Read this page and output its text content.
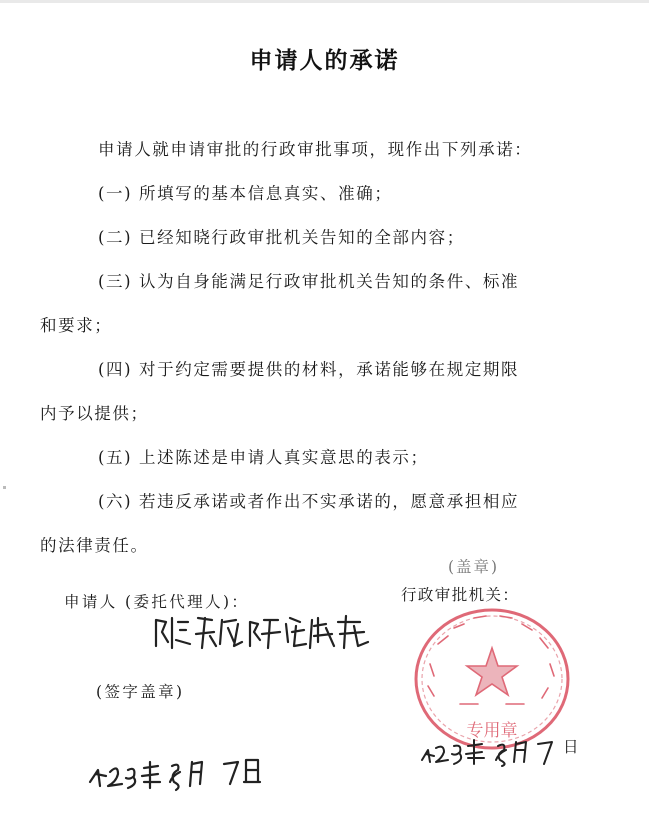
申请人的承诺

申请人就申请审批的行政审批事项，现作出下列承诺：

(一) 所填写的基本信息真实、准确；

(二) 已经知晓行政审批机关告知的全部内容；

(三) 认为自身能满足行政审批机关告知的条件、标准

和要求；

(四) 对于约定需要提供的材料，承诺能够在规定期限

内予以提供；

(五) 上述陈述是申请人真实意思的表示；

(六) 若违反承诺或者作出不实承诺的，愿意承担相应

的法律责任。

申请人 (委托代理人)：
(签字盖章)
(盖章)
行政审批机关：
专用章
日
